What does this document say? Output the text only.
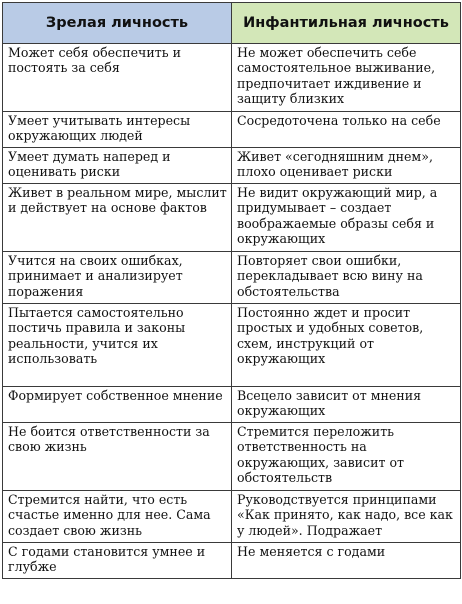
Зрелая личность	Инфантильная личность
Может себя обеспечить и постоять за себя	Не может обеспечить себе самостоятельное выживание, предпочитает иждивение и защиту близких
Умеет учитывать интересы окружающих людей	Сосредоточена только на себе
Умеет думать наперед и оценивать риски	Живет «сегодняшним днем», плохо оценивает риски
Живет в реальном мире, мыслит и действует на основе фактов	Не видит окружающий мир, а придумывает – создает воображаемые образы себя и окружающих
Учится на своих ошибках, принимает и анализирует поражения	Повторяет свои ошибки, перекладывает всю вину на обстоятельства
Пытается самостоятельно постичь правила и законы реальности, учится их использовать	Постоянно ждет и просит простых и удобных советов, схем, инструкций от окружающих
Формирует собственное мнение	Всецело зависит от мнения окружающих
Не боится ответственности за свою жизнь	Стремится переложить ответственность на окружающих, зависит от обстоятельств
Стремится найти, что есть счастье именно для нее. Сама создает свою жизнь	Руководствуется принципами «Как принято, как надо, все как у людей». Подражает
С годами становится умнее и глубже	Не меняется с годами
